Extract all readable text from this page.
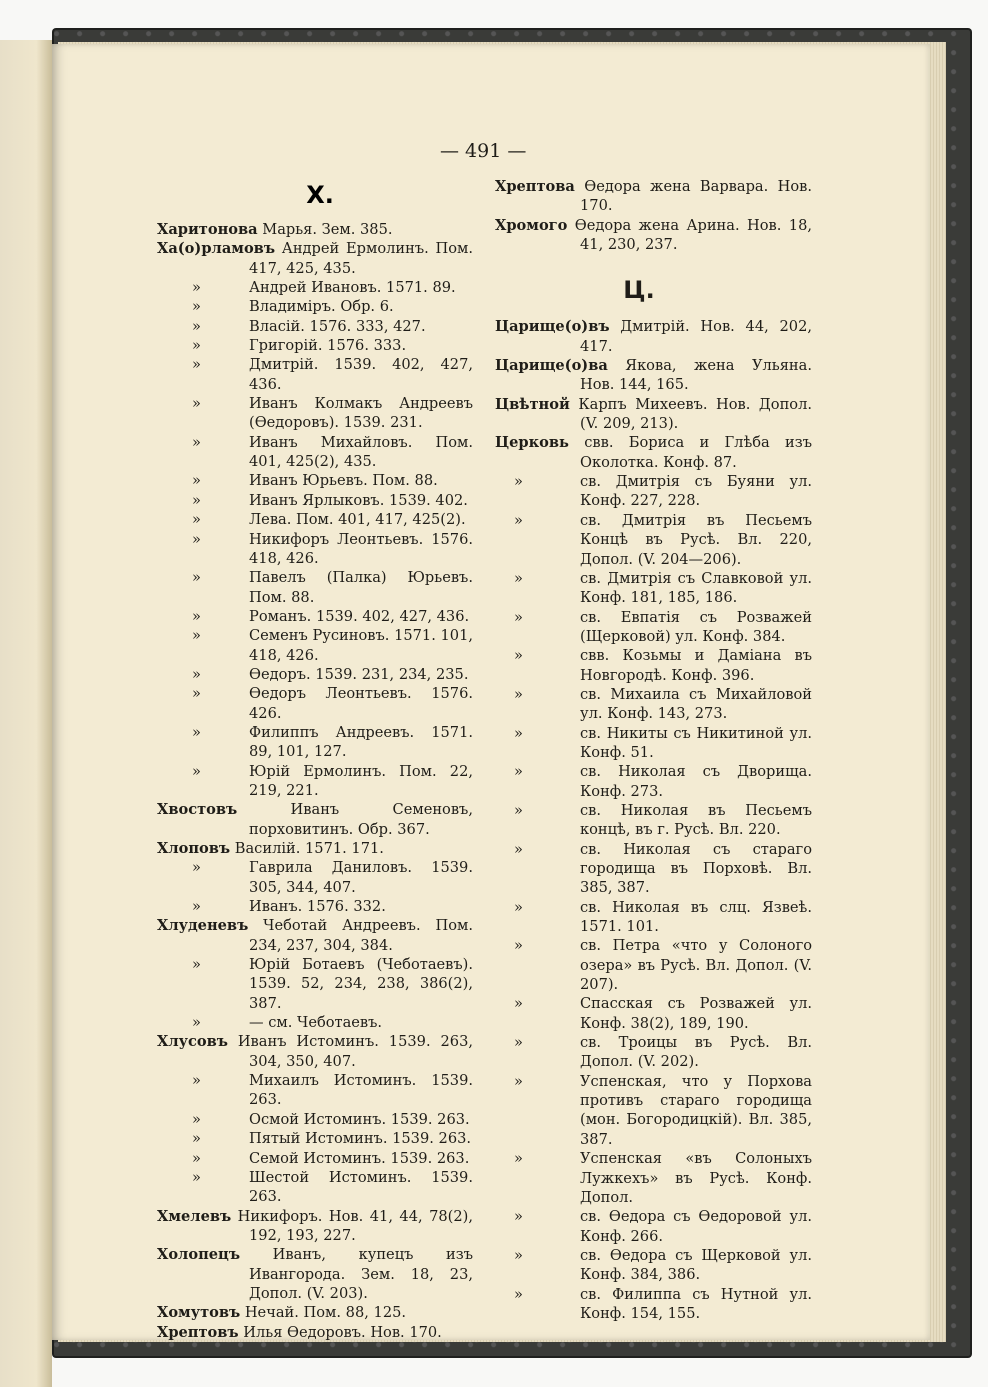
— 491 —
Х.
Харитонова Марья. Зем. 385.
Ха(о)рламовъ Андрей Ермолинъ. Пом. 417, 425, 435.
»	Андрей Ивановъ. 1571. 89.
»	Владимiръ. Обр. 6.
»	Власiй. 1576. 333, 427.
»	Григорiй. 1576. 333.
»	Дмитрiй. 1539. 402, 427, 436.
»	Иванъ Колмакъ Андреевъ (Ѳедоровъ). 1539. 231.
»	Иванъ Михайловъ. Пом. 401, 425(2), 435.
»	Иванъ Юрьевъ. Пом. 88.
»	Иванъ Ярлыковъ. 1539. 402.
»	Лева. Пом. 401, 417, 425(2).
»	Никифоръ Леонтьевъ. 1576. 418, 426.
»	Павелъ (Палка) Юрьевъ. Пом. 88.
»	Романъ. 1539. 402, 427, 436.
»	Семенъ Русиновъ. 1571. 101, 418, 426.
»	Ѳедоръ. 1539. 231, 234, 235.
»	Ѳедоръ Леонтьевъ. 1576. 426.
»	Филиппъ Андреевъ. 1571. 89, 101, 127.
»	Юрiй Ермолинъ. Пом. 22, 219, 221.
Хвостовъ Иванъ Семеновъ, порховитинъ. Обр. 367.
Хлоповъ Василiй. 1571. 171.
»	Гаврила Даниловъ. 1539. 305, 344, 407.
»	Иванъ. 1576. 332.
Хлуденевъ Чеботай Андреевъ. Пом. 234, 237, 304, 384.
»	Юрiй Ботаевъ (Чеботаевъ). 1539. 52, 234, 238, 386(2), 387.
»	— см. Чеботаевъ.
Хлусовъ Иванъ Истоминъ. 1539. 263, 304, 350, 407.
»	Михаилъ Истоминъ. 1539. 263.
»	Осмой Истоминъ. 1539. 263.
»	Пятый Истоминъ. 1539. 263.
»	Семой Истоминъ. 1539. 263.
»	Шестой Истоминъ. 1539. 263.
Хмелевъ Никифоръ. Нов. 41, 44, 78(2), 192, 193, 227.
Холопецъ Иванъ, купецъ изъ Ивангорода. Зем. 18, 23, Допол. (V. 203).
Хомутовъ Нечай. Пом. 88, 125.
Хрептовъ Илья Ѳедоровъ. Нов. 170.
Хрептова Ѳедора жена Варвара. Нов. 170.
Хромого Ѳедора жена Арина. Нов. 18, 41, 230, 237.
Ц.
Царище(о)въ Дмитрiй. Нов. 44, 202, 417.
Царище(о)ва Якова, жена Ульяна. Нов. 144, 165.
Цвѣтной Карпъ Михеевъ. Нов. Допол. (V. 209, 213).
Церковь свв. Бориса и Глѣба изъ Околотка. Конф. 87.
»	св. Дмитрiя съ Буяни ул. Конф. 227, 228.
»	св. Дмитрiя въ Песьемъ Концѣ въ Русѣ. Вл. 220, Допол. (V. 204—206).
»	св. Дмитрiя съ Славковой ул. Конф. 181, 185, 186.
»	св. Евпатiя съ Розважей (Щерковой) ул. Конф. 384.
»	свв. Козьмы и Дамiана въ Новгородѣ. Конф. 396.
»	св. Михаила съ Михайловой ул. Конф. 143, 273.
»	св. Никиты съ Никитиной ул. Конф. 51.
»	св. Николая съ Дворища. Конф. 273.
»	св. Николая въ Песьемъ концѣ, въ г. Русѣ. Вл. 220.
»	св. Николая съ стараго городища въ Порховѣ. Вл. 385, 387.
»	св. Николая въ слц. Язвеѣ. 1571. 101.
»	св. Петра «что у Солоного озера» въ Русѣ. Вл. Допол. (V. 207).
»	Спасская съ Розважей ул. Конф. 38(2), 189, 190.
»	св. Троицы въ Русѣ. Вл. Допол. (V. 202).
»	Успенская, что у Порхова противъ стараго городища (мон. Богородицкiй). Вл. 385, 387.
»	Успенская «въ Солоныхъ Лужкехъ» въ Русѣ. Конф. Допол.
»	св. Ѳедора съ Ѳедоровой ул. Конф. 266.
»	св. Ѳедора съ Щерковой ул. Конф. 384, 386.
»	св. Филиппа съ Нутной ул. Конф. 154, 155.
